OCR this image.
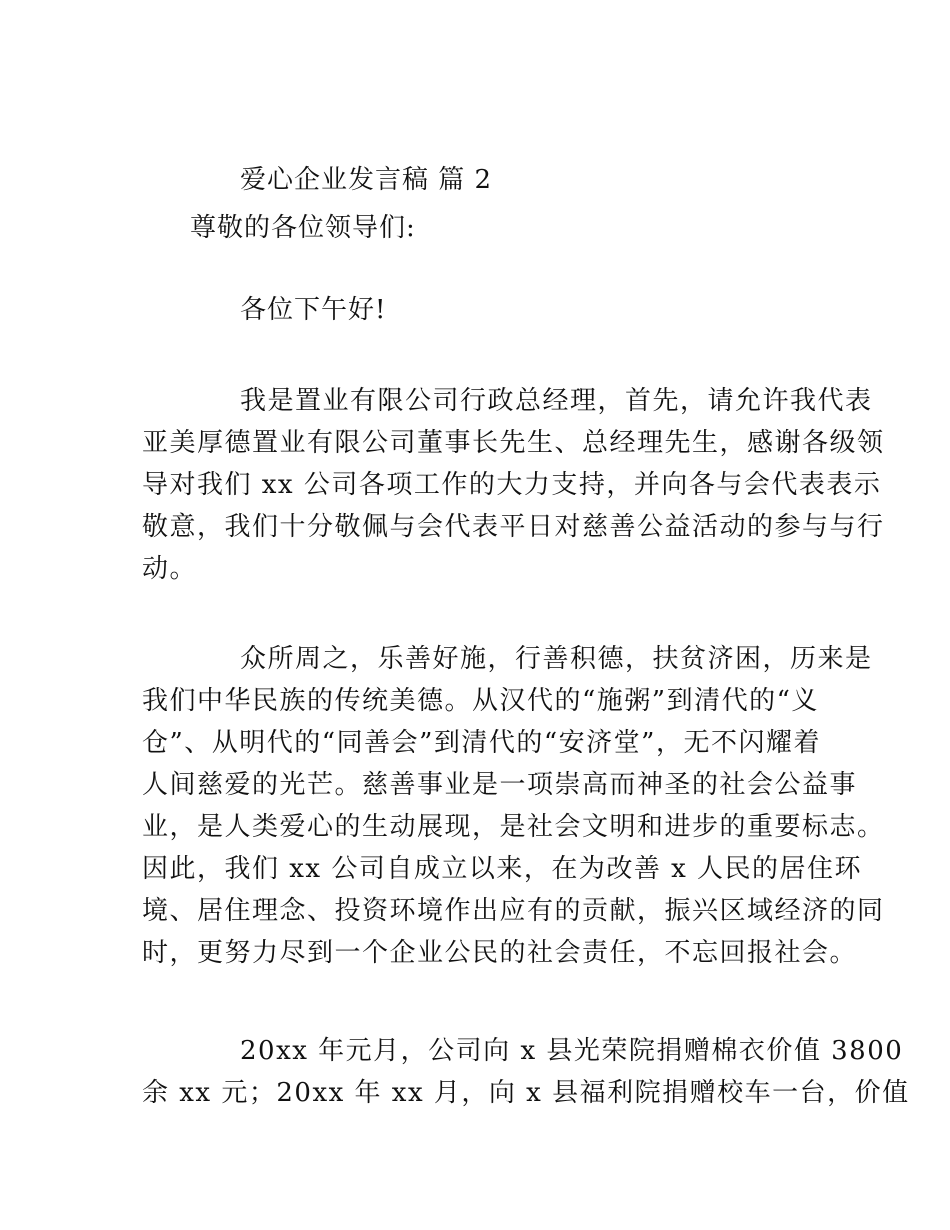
爱心企业发言稿 篇 2
尊敬的各位领导们:
各位下午好!
我是置业有限公司行政总经理，首先，请允许我代表
亚美厚德置业有限公司董事长先生、总经理先生，感谢各级领
导对我们 xx 公司各项工作的大力支持，并向各与会代表表示
敬意，我们十分敬佩与会代表平日对慈善公益活动的参与与行
动。
众所周之，乐善好施，行善积德，扶贫济困，历来是
我们中华民族的传统美德。从汉代的“施粥”到清代的“义
仓”、从明代的“同善会”到清代的“安济堂”，无不闪耀着
人间慈爱的光芒。慈善事业是一项崇高而神圣的社会公益事
业，是人类爱心的生动展现，是社会文明和进步的重要标志。
因此，我们 xx 公司自成立以来，在为改善 x 人民的居住环
境、居住理念、投资环境作出应有的贡献，振兴区域经济的同
时，更努力尽到一个企业公民的社会责任，不忘回报社会。
20xx 年元月，公司向 x 县光荣院捐赠棉衣价值 3800
余 xx 元；20xx 年 xx 月，向 x 县福利院捐赠校车一台，价值
